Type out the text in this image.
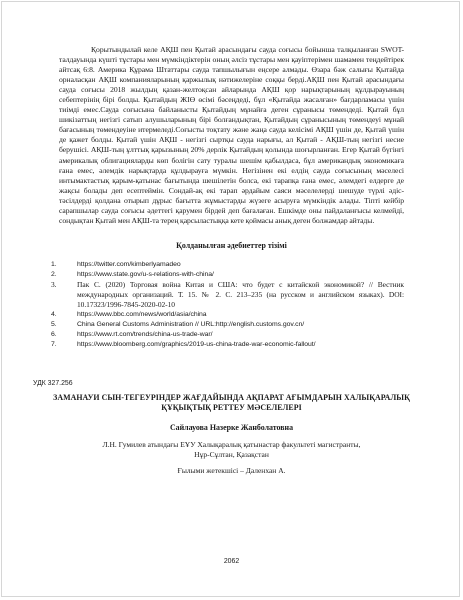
Қорытындылай келе АҚШ пен Қытай арасындағы сауда соғысы бойынша талқыланған SWOT-талдауында күшті тұстары мен мүмкіндіктерін оның әлсіз тұстары мен қауіптерімен шамамен теңдейтірек айтсақ 6:8. Америка Құрама Штаттары сауда тапшылығын еңсере алмады. Өзара бәж салығы Қытайда орналасқан АҚШ компанияларының қаржылық нәтижелеріне соққы берді.АҚШ пен Қытай арасындағы сауда соғысы 2018 жылдың қазан-желтоқсан айларында АҚШ қор нарықтарының құлдырауының себептерінің бірі болды. Қытайдың ЖІӨ өсімі бәсеңдеді, бұл «Қытайда жасалған» бағдарламасы үшін тиімді емес.Сауда соғысына байланысты Қытайдың мұнайға деген сұранысы төмендеді. Қытай бұл шикізаттың негізгі сатып алушыларының бірі болғандықтан, Қытайдың сұранысының төмендеуі мұнай бағасының төмендеуіне итермеледі.Соғысты тоқтату және жаңа сауда келісімі АҚШ үшін де, Қытай үшін де қажет болды. Қытай үшін АҚШ - негізгі сыртқы сауда нарығы, ал Қытай - АҚШ-тың негізгі несие берушісі. АҚШ-тың ұлттық қарызының 20% дерлік Қытайдың қолында шоғырланған. Егер Қытай бүгінгі америкалық облигацияларды көп болігін сату туралы шешім қабылдаса, бұл американдық экономикаға ғана емес, әлемдік нарықтарда құлдырауға мүмкін. Негізінен екі елдің сауда соғысының мәселесі интымактастық қарым-қатынас бағытында шешілетін болса, екі тарапқа ғана емес, әлемдегі елдерге де жақсы болады деп есептеймін. Сондай-ақ екі тарап әрдайым саяси мәселелерді шешуде түрлі әдіс-тәсілдерді қолдана отырып дұрыс бағытта жұмыстарды жүзеге асыруға мүмкіндік алады. Тіпті кейбір сарапшылар сауда соғысы әдеттегі қарумен бірдей деп бағалаған. Ешкімде оны пайдаланғысы келмейді, сондықтан Қытай мен АҚШ-та терең қарсыластыққа кете қоймасы анық деген болжамдар айтады.

Қолданылған әдебиеттер тізімі
1.	https://twitter.com/kimberlyamadeo
2.	https://www.state.gov/u-s-relations-with-china/
3.	Пак С. (2020) Торговая война Китая и США: что будет с китайской экономикой? // Вестник международных организаций. Т. 15. № 2. С. 213–235 (на русском и английском языках). DOI: 10.17323/1996-7845-2020-02-10
4.	https://www.bbc.com/news/world/asia/china
5.	China General Customs Administration // URL:http://english.customs.gov.cn/
6.	https://www.rt.com/trends/china-us-trade-war/
7.	https://www.bloomberg.com/graphics/2019-us-china-trade-war-economic-fallout/
УДК 327.256
ЗАМАНАУИ СЫН-ТЕГЕУРІНДЕР ЖАҒДАЙЫНДА АҚПАРАТ АҒЫМДАРЫН ХАЛЫҚАРАЛЫҚ ҚҰҚЫҚТЫҚ РЕТТЕУ МӘСЕЛЕЛЕРІ
Сайлауова Назерке Жанболатовна
Л.Н. Гумилев атындағы ЕҰУ Халықаралық қатынастар факультеті магистранты,
Нұр-Сұлтан, Қазақстан
Ғылыми жетекшісі – Даленхан А.
2062
